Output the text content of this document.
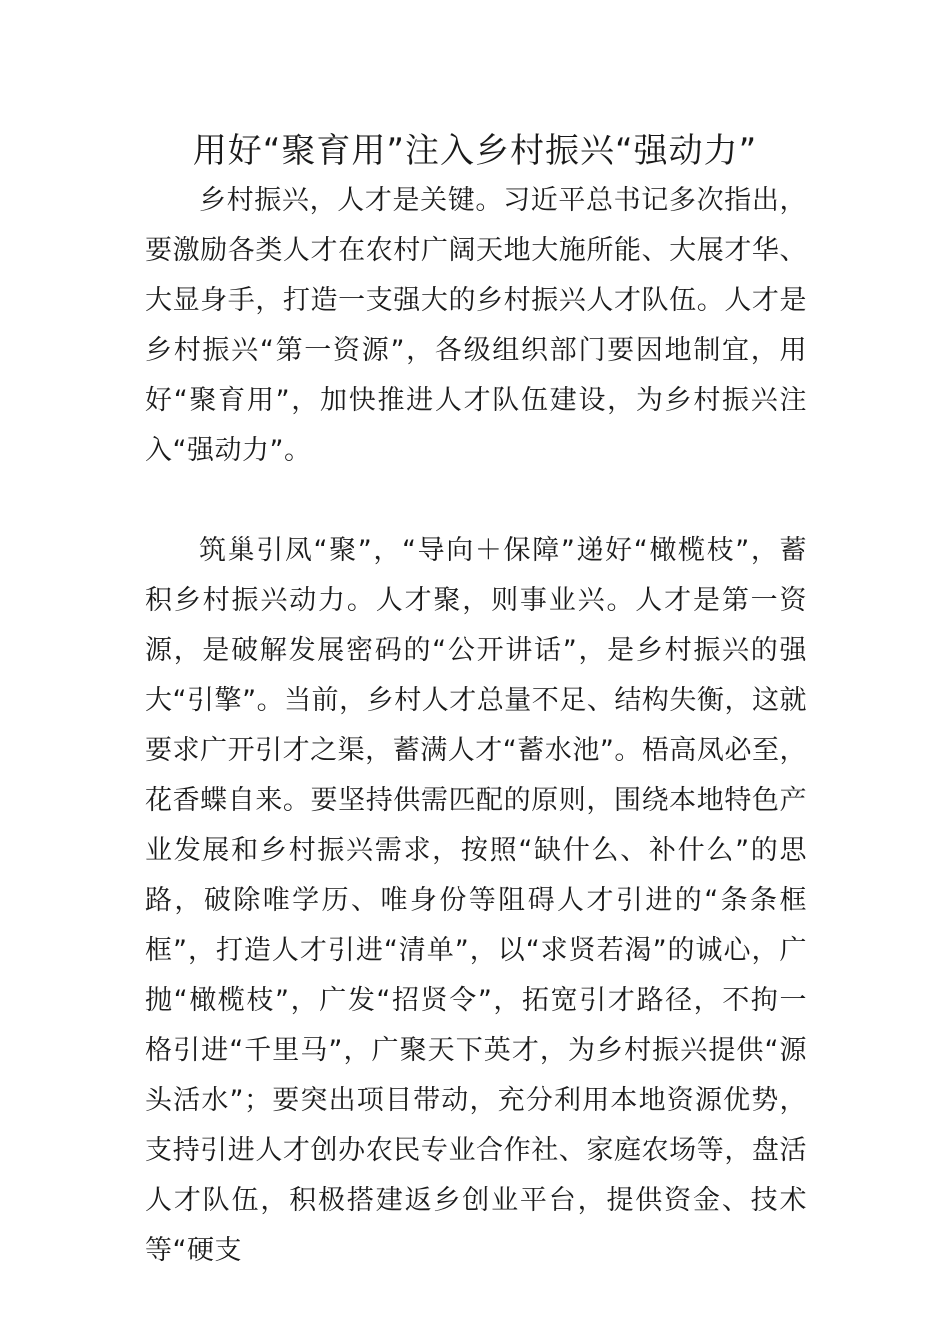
用好“聚育用”注入乡村振兴“强动力”

乡村振兴，人才是关键。习近平总书记多次指出，要激励各类人才在农村广阔天地大施所能、大展才华、大显身手，打造一支强大的乡村振兴人才队伍。人才是乡村振兴“第一资源”，各级组织部门要因地制宜，用好“聚育用”，加快推进人才队伍建设，为乡村振兴注入“强动力”。

筑巢引凤“聚”，“导向＋保障”递好“橄榄枝”，蓄积乡村振兴动力。人才聚，则事业兴。人才是第一资源，是破解发展密码的“公开讲话”，是乡村振兴的强大“引擎”。当前，乡村人才总量不足、结构失衡，这就要求广开引才之渠，蓄满人才“蓄水池”。梧高凤必至，花香蝶自来。要坚持供需匹配的原则，围绕本地特色产业发展和乡村振兴需求，按照“缺什么、补什么”的思路，破除唯学历、唯身份等阻碍人才引进的“条条框框”，打造人才引进“清单”，以“求贤若渴”的诚心，广抛“橄榄枝”，广发“招贤令”，拓宽引才路径，不拘一格引进“千里马”，广聚天下英才，为乡村振兴提供“源头活水”；要突出项目带动，充分利用本地资源优势，支持引进人才创办农民专业合作社、家庭农场等，盘活人才队伍，积极搭建返乡创业平台，提供资金、技术等“硬支
